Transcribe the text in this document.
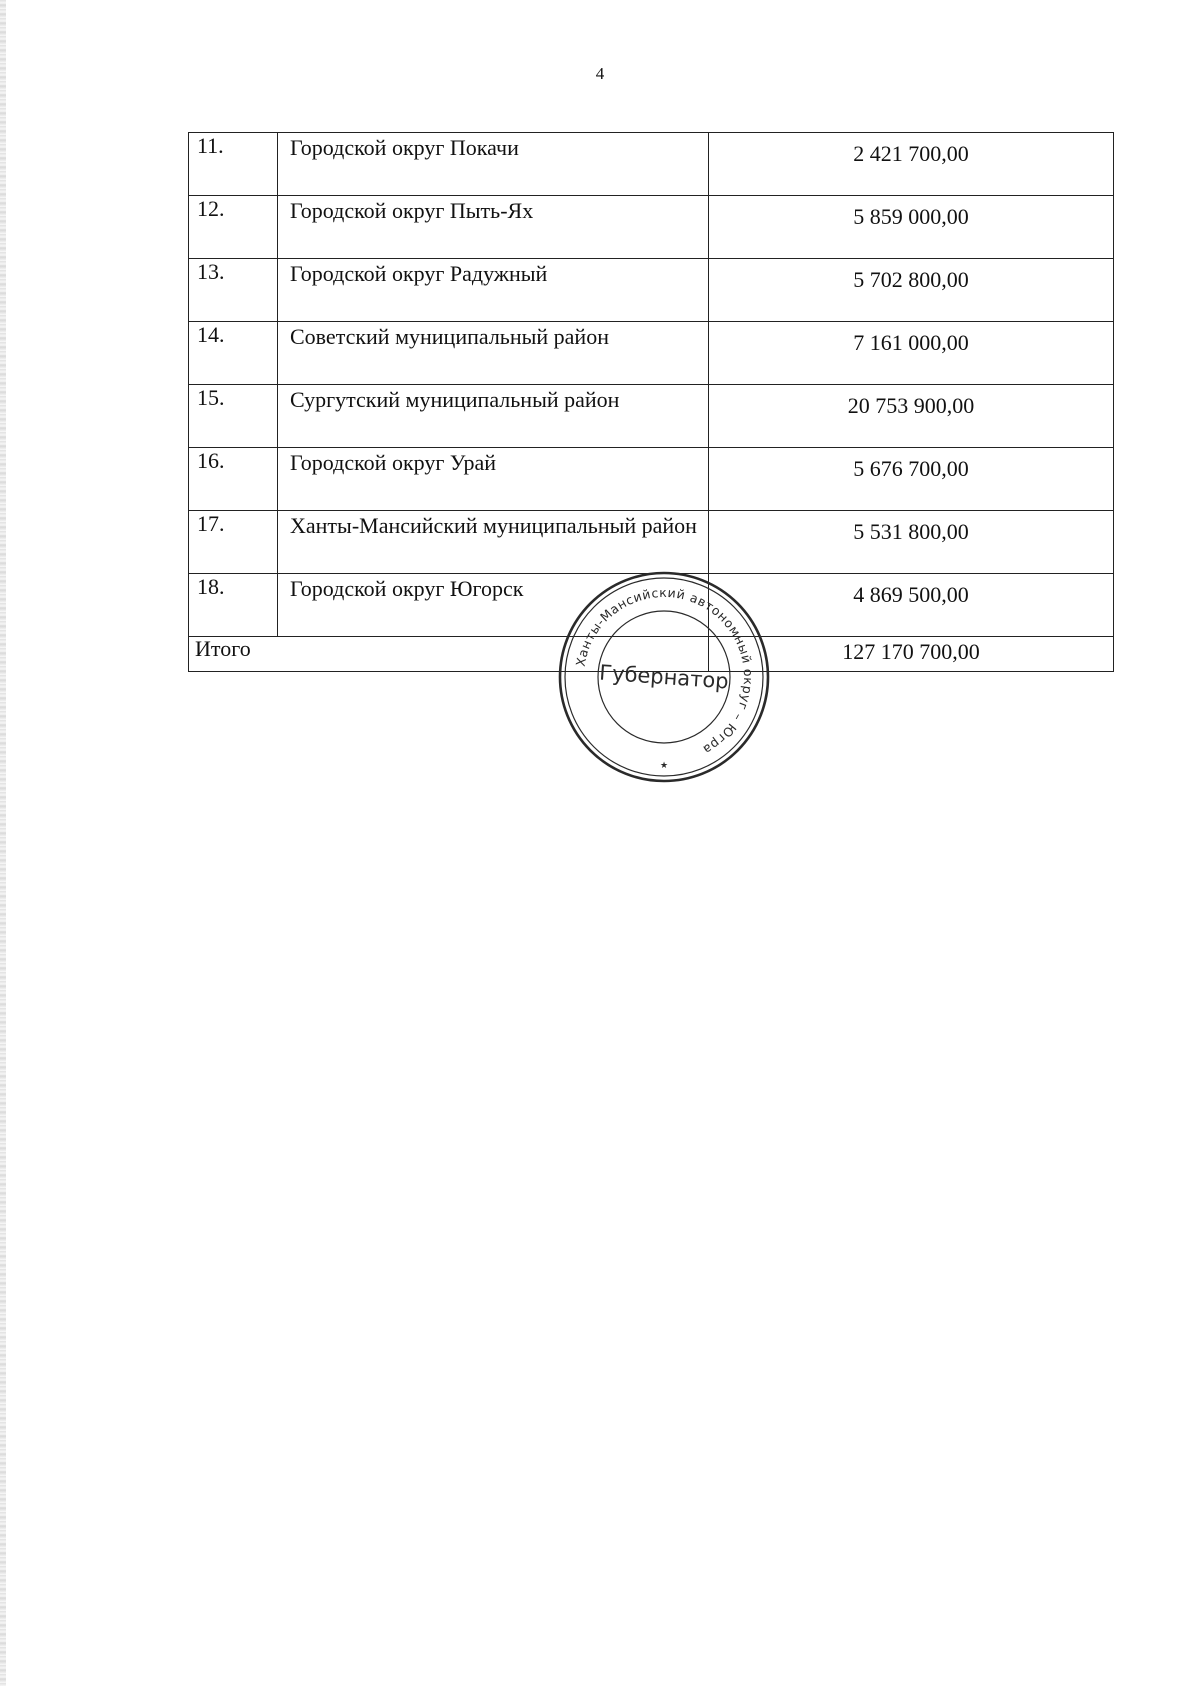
4
11.	Городской округ Покачи	2 421 700,00
12.	Городской округ Пыть-Ях	5 859 000,00
13.	Городской округ Радужный	5 702 800,00
14.	Советский муниципальный район	7 161 000,00
15.	Сургутский муниципальный район	20 753 900,00
16.	Городской округ Урай	5 676 700,00
17.	Ханты-Мансийский муниципальный район	5 531 800,00
18.	Городской округ Югорск	4 869 500,00
Итого		127 170 700,00
Ханты-Мансийский автономный округ – Югра
Губернатор
★
